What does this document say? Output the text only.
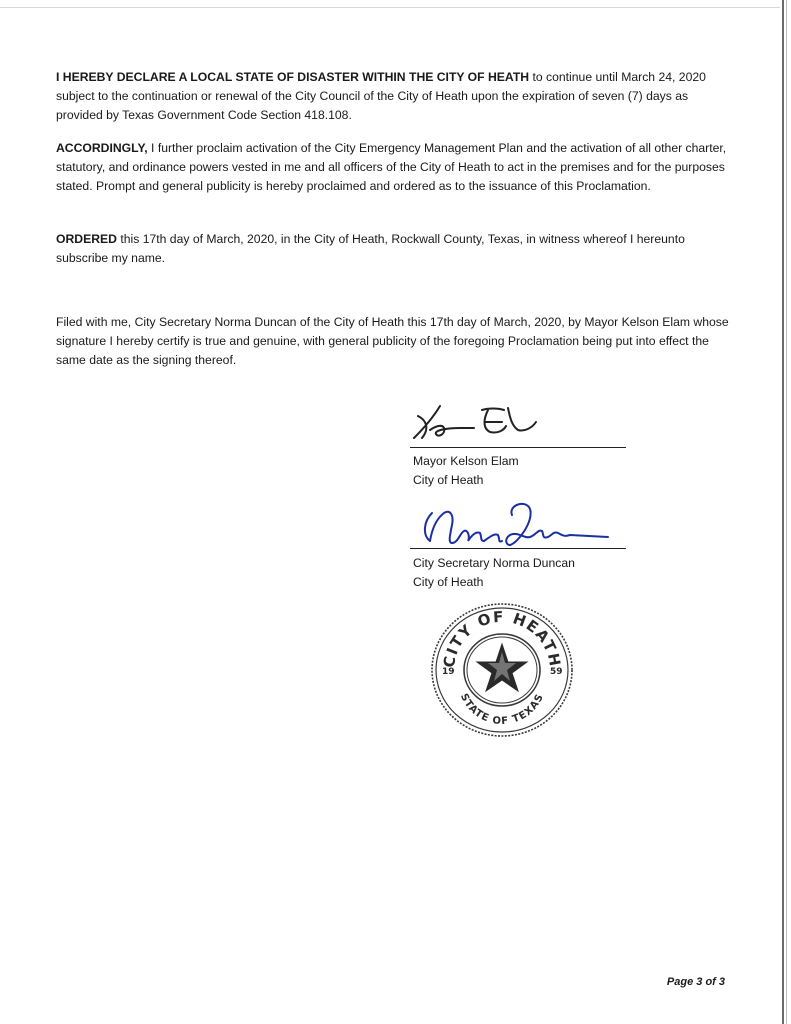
I HEREBY DECLARE A LOCAL STATE OF DISASTER WITHIN THE CITY OF HEATH to continue until March 24, 2020 subject to the continuation or renewal of the City Council of the City of Heath upon the expiration of seven (7) days as provided by Texas Government Code Section 418.108.

ACCORDINGLY, I further proclaim activation of the City Emergency Management Plan and the activation of all other charter, statutory, and ordinance powers vested in me and all officers of the City of Heath to act in the premises and for the purposes stated. Prompt and general publicity is hereby proclaimed and ordered as to the issuance of this Proclamation.

ORDERED this 17th day of March, 2020, in the City of Heath, Rockwall County, Texas, in witness whereof I hereunto subscribe my name.

Filed with me, City Secretary Norma Duncan of the City of Heath this 17th day of March, 2020, by Mayor Kelson Elam whose signature I hereby certify is true and genuine, with general publicity of the foregoing Proclamation being put into effect the same date as the signing thereof.

Mayor Kelson Elam
City of Heath
City Secretary Norma Duncan
City of Heath
CITY OF HEATH
STATE OF TEXAS
19	59
Page 3 of 3
